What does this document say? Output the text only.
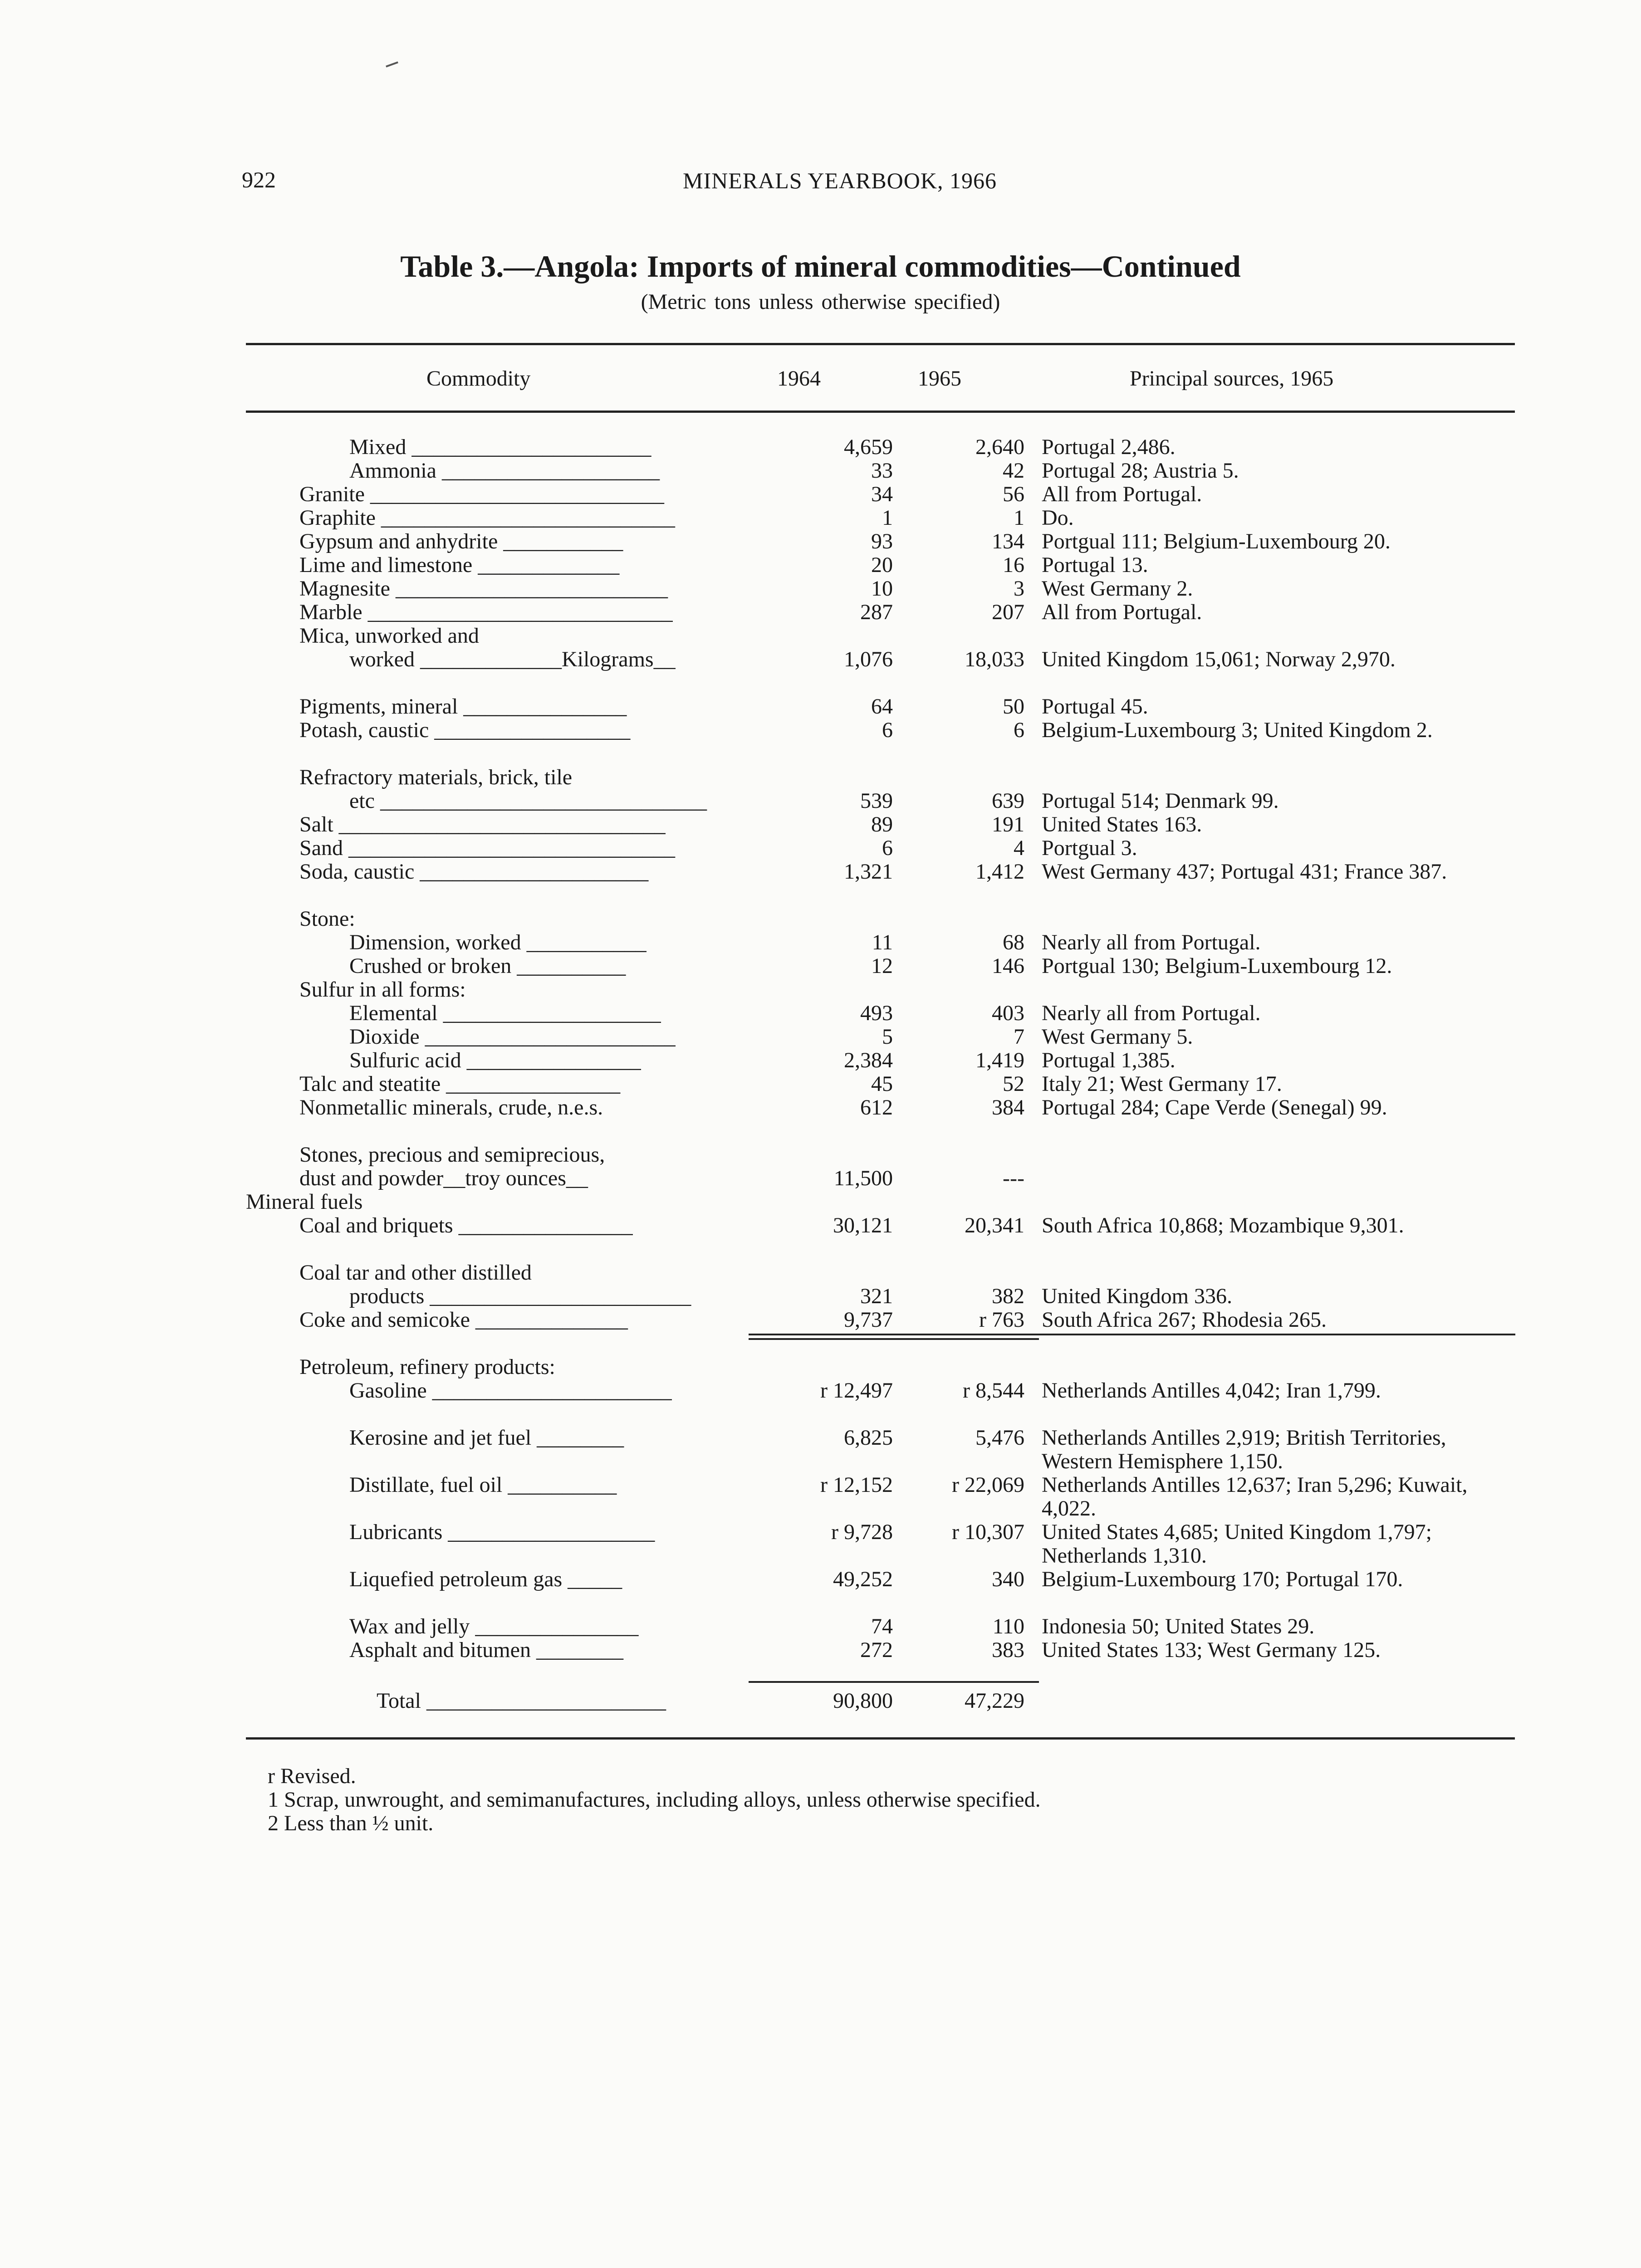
922	MINERALS YEARBOOK, 1966
Table 3.—Angola: Imports of mineral commodities—Continued
(Metric tons unless otherwise specified)
Commodity	1964	1965	Principal sources, 1965
Mixed ______________________	4,659	2,640 Portugal 2,486.
Ammonia ____________________	33	42 Portugal 28; Austria 5.
Granite ___________________________	34	56 All from Portugal.
Graphite ___________________________	1	1 Do.
Gypsum and anhydrite ___________	93	134 Portgual 111; Belgium-Luxembourg 20.
Lime and limestone _____________	20	16 Portugal 13.
Magnesite _________________________	10	3 West Germany 2.
Marble ____________________________	287	207 All from Portugal.
Mica, unworked and
worked _____________Kilograms__	1,076	18,033 United Kingdom 15,061; Norway 2,970.
Pigments, mineral _______________	64	50 Portugal 45.
Potash, caustic __________________	6	6 Belgium-Luxembourg 3; United Kingdom 2.
Refractory materials, brick, tile
etc ______________________________	539	639 Portugal 514; Denmark 99.
Salt ______________________________	89	191 United States 163.
Sand ______________________________	6	4 Portgual 3.
Soda, caustic _____________________	1,321	1,412 West Germany 437; Portugal 431; France 387.
Stone:
Dimension, worked ___________	11	68 Nearly all from Portugal.
Crushed or broken __________	12	146 Portgual 130; Belgium-Luxembourg 12.
Sulfur in all forms:
Elemental ____________________	493	403 Nearly all from Portugal.
Dioxide _______________________	5	7 West Germany 5.
Sulfuric acid ________________	2,384	1,419 Portugal 1,385.
Talc and steatite ________________	45	52 Italy 21; West Germany 17.
Nonmetallic minerals, crude, n.e.s.	612	384 Portugal 284; Cape Verde (Senegal) 99.
Stones, precious and semiprecious,
dust and powder__troy ounces__	11,500	---
Mineral fuels
Coal and briquets ________________	30,121	20,341 South Africa 10,868; Mozambique 9,301.
Coal tar and other distilled
products ________________________	321	382 United Kingdom 336.
Coke and semicoke ______________	9,737	r 763 South Africa 267; Rhodesia 265.
Petroleum, refinery products:
Gasoline ______________________	r 12,497	r 8,544 Netherlands Antilles 4,042; Iran 1,799.
Kerosine and jet fuel ________	6,825	5,476 Netherlands Antilles 2,919; British Territories, Western Hemisphere 1,150.
Distillate, fuel oil __________	r 12,152	r 22,069 Netherlands Antilles 12,637; Iran 5,296; Kuwait, 4,022.
Lubricants ___________________	r 9,728	r 10,307 United States 4,685; United Kingdom 1,797; Netherlands 1,310.
Liquefied petroleum gas _____	49,252	340 Belgium-Luxembourg 170; Portugal 170.
Wax and jelly _______________	74	110 Indonesia 50; United States 29.
Asphalt and bitumen ________	272	383 United States 133; West Germany 125.
Total ______________________	90,800	47,229
r Revised.
1 Scrap, unwrought, and semimanufactures, including alloys, unless otherwise specified.
2 Less than ½ unit.
